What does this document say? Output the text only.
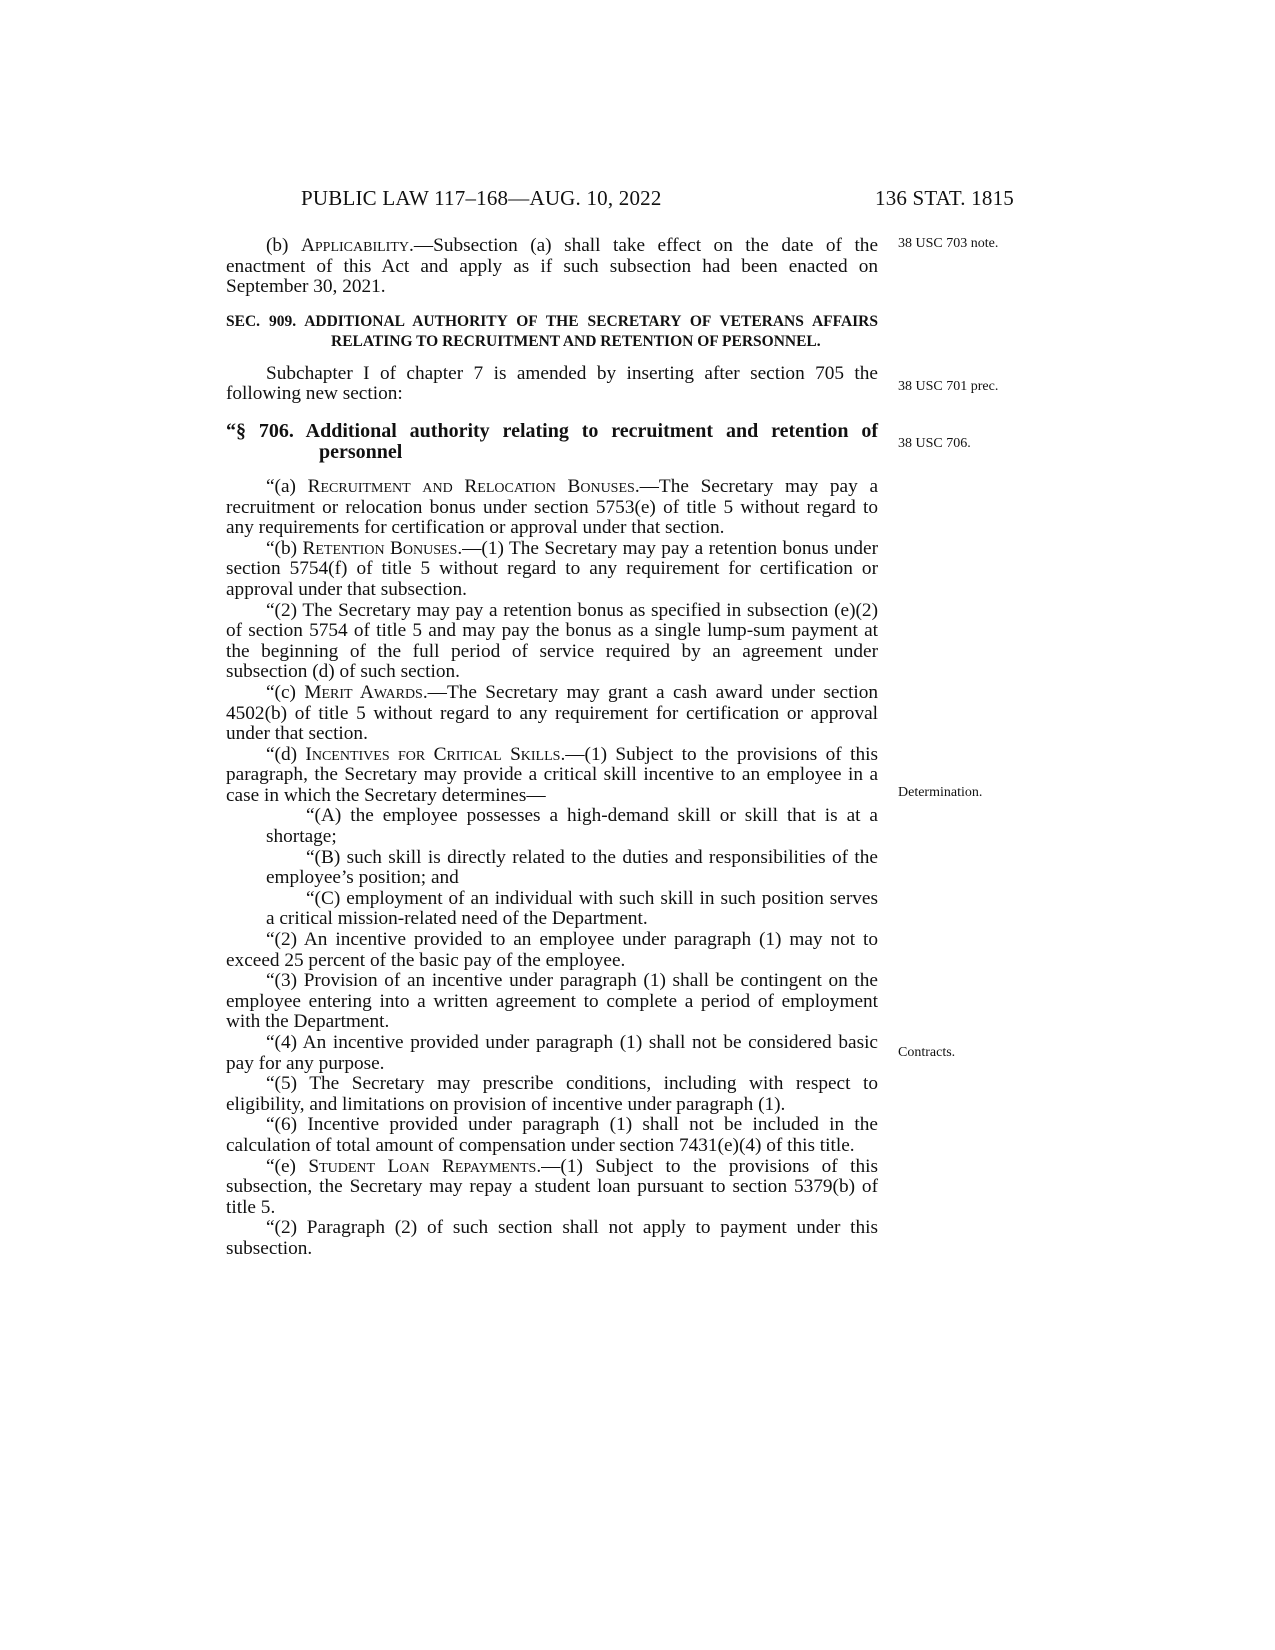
PUBLIC LAW 117–168—AUG. 10, 2022	136 STAT. 1815
38 USC 703 note.
38 USC 701 prec.
38 USC 706.
Determination.
Contracts.

(b) Applicability.—Subsection (a) shall take effect on the date of the enactment of this Act and apply as if such subsection had been enacted on September 30, 2021.

SEC. 909. ADDITIONAL AUTHORITY OF THE SECRETARY OF VETERANS AFFAIRS RELATING TO RECRUITMENT AND RETENTION OF PERSONNEL.

Subchapter I of chapter 7 is amended by inserting after section 705 the following new section:

“§ 706. Additional authority relating to recruitment and retention of personnel

“(a) Recruitment and Relocation Bonuses.—The Secretary may pay a recruitment or relocation bonus under section 5753(e) of title 5 without regard to any requirements for certification or approval under that section.

“(b) Retention Bonuses.—(1) The Secretary may pay a retention bonus under section 5754(f) of title 5 without regard to any requirement for certification or approval under that subsection.

“(2) The Secretary may pay a retention bonus as specified in subsection (e)(2) of section 5754 of title 5 and may pay the bonus as a single lump-sum payment at the beginning of the full period of service required by an agreement under subsection (d) of such section.

“(c) Merit Awards.—The Secretary may grant a cash award under section 4502(b) of title 5 without regard to any requirement for certification or approval under that section.

“(d) Incentives for Critical Skills.—(1) Subject to the provisions of this paragraph, the Secretary may provide a critical skill incentive to an employee in a case in which the Secretary determines—

“(A) the employee possesses a high-demand skill or skill that is at a shortage;

“(B) such skill is directly related to the duties and responsibilities of the employee’s position; and

“(C) employment of an individual with such skill in such position serves a critical mission-related need of the Department.

“(2) An incentive provided to an employee under paragraph (1) may not to exceed 25 percent of the basic pay of the employee.

“(3) Provision of an incentive under paragraph (1) shall be contingent on the employee entering into a written agreement to complete a period of employment with the Department.

“(4) An incentive provided under paragraph (1) shall not be considered basic pay for any purpose.

“(5) The Secretary may prescribe conditions, including with respect to eligibility, and limitations on provision of incentive under paragraph (1).

“(6) Incentive provided under paragraph (1) shall not be included in the calculation of total amount of compensation under section 7431(e)(4) of this title.

“(e) Student Loan Repayments.—(1) Subject to the provisions of this subsection, the Secretary may repay a student loan pursuant to section 5379(b) of title 5.

“(2) Paragraph (2) of such section shall not apply to payment under this subsection.
